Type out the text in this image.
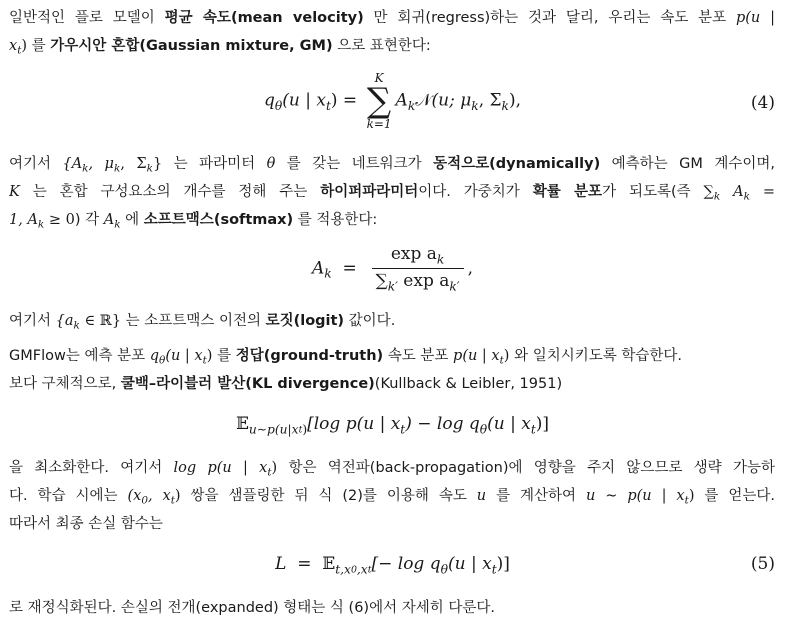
일반적인 플로 모델이 평균 속도(mean velocity) 만 회귀(regress)하는 것과 달리, 우리는 속도 분포 p(u |
$x_t$) 를 가우시안 혼합(Gaussian mixture, GM) 으로 표현한다:
$q_\theta(u$ | $x_t$) =
K
∑
k=1
$A_k𝒩(u$; $\mu_k$, $\Sigma_k$),	(4)
여기서 {$A_k$, $\mu_k$, $\Sigma_k$} 는 파라미터 θ 를 갖는 네트워크가 동적으로(dynamically) 예측하는 GM 계수이며,
K 는 혼합 구성요소의 개수를 정해 주는 하이퍼파라미터이다. 가중치가 확률 분포가 되도록(즉 $\sum_k$ $A_k$ =
1, $A_k \ge 0$) 각 $A_k$ 에 소프트맥스(softmax) 를 적용한다:
$A_k = \frac{\exp a_k}{\sum_{k'} \exp a_{k'}}$ ,
여기서 {$a_k$ ∈ ℝ} 는 소프트맥스 이전의 로짓(logit) 값이다.
GMFlow는 예측 분포 $q_\theta(u$ | $x_t$) 를 정답(ground-truth) 속도 분포 p(u | $x_t$) 와 일치시키도록 학습한다.
보다 구체적으로, 쿨백–라이블러 발산(KL divergence)(Kullback & Leibler, 1951)
𝔼$_{u\sim p(u|xt)}$[log p(u | $x_t) - \log q_\theta(u$ | $x_t$)]
을 최소화한다. 여기서 log p(u | $x_t$) 항은 역전파(back-propagation)에 영향을 주지 않으므로 생략 가능하
다. 학습 시에는 ($x_0$, $x_t$) 쌍을 샘플링한 뒤 식 (2)를 이용해 속도 u 를 계산하여 u ∼ p(u | $x_t$) 를 얻는다.
따라서 최종 손실 함수는
L = 𝔼$_{t,x0,xt}$[− $\log q_\theta(u$ | $x_t$)]	(5)
로 재정식화된다. 손실의 전개(expanded) 형태는 식 (6)에서 자세히 다룬다.
